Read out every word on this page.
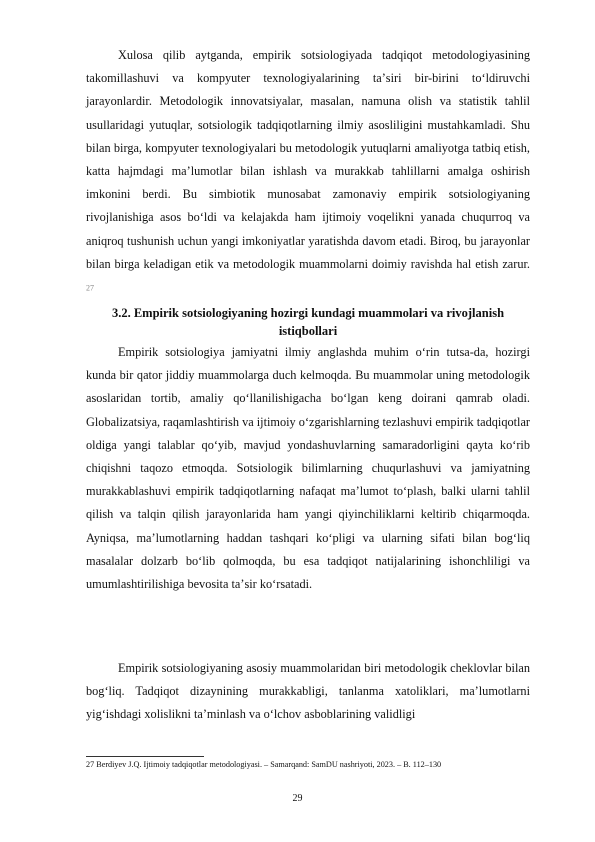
Xulosa qilib aytganda, empirik sotsiologiyada tadqiqot metodologiyasining takomillashuvi va kompyuter texnologiyalarining taʼsiri bir-birini toʻldiruvchi jarayonlardir. Metodologik innovatsiyalar, masalan, namuna olish va statistik tahlil usullaridagi yutuqlar, sotsiologik tadqiqotlarning ilmiy asosliligini mustahkamladi. Shu bilan birga, kompyuter texnologiyalari bu metodologik yutuqlarni amaliyotga tatbiq etish, katta hajmdagi maʼlumotlar bilan ishlash va murakkab tahlillarni amalga oshirish imkonini berdi. Bu simbiotik munosabat zamonaviy empirik sotsiologiyaning rivojlanishiga asos boʻldi va kelajakda ham ijtimoiy voqelikni yanada chuqurroq va aniqroq tushunish uchun yangi imkoniyatlar yaratishda davom etadi. Biroq, bu jarayonlar bilan birga keladigan etik va metodologik muammolarni doimiy ravishda hal etish zarur. 27

3.2. Empirik sotsiologiyaning hozirgi kundagi muammolari va rivojlanish istiqbollari

Empirik sotsiologiya jamiyatni ilmiy anglashda muhim oʻrin tutsa-da, hozirgi kunda bir qator jiddiy muammolarga duch kelmoqda. Bu muammolar uning metodologik asoslaridan tortib, amaliy qoʻllanilishigacha boʻlgan keng doirani qamrab oladi. Globalizatsiya, raqamlashtirish va ijtimoiy oʻzgarishlarning tezlashuvi empirik tadqiqotlar oldiga yangi talablar qoʻyib, mavjud yondashuvlarning samaradorligini qayta koʻrib chiqishni taqozo etmoqda. Sotsiologik bilimlarning chuqurlashuvi va jamiyatning murakkablashuvi empirik tadqiqotlarning nafaqat maʼlumot toʻplash, balki ularni tahlil qilish va talqin qilish jarayonlarida ham yangi qiyinchiliklarni keltirib chiqarmoqda. Ayniqsa, maʼlumotlarning haddan tashqari koʻpligi va ularning sifati bilan bogʻliq masalalar dolzarb boʻlib qolmoqda, bu esa tadqiqot natijalarining ishonchliligi va umumlashtirilishiga bevosita taʼsir koʻrsatadi.

Empirik sotsiologiyaning asosiy muammolaridan biri metodologik cheklovlar bilan bogʻliq. Tadqiqot dizaynining murakkabligi, tanlanma xatoliklari, maʼlumotlarni yigʻishdagi xolislikni taʼminlash va oʻlchov asboblarining validligi

27 Berdiyev J.Q. Ijtimoiy tadqiqotlar metodologiyasi. – Samarqand: SamDU nashriyoti, 2023. – B. 112–130

29
